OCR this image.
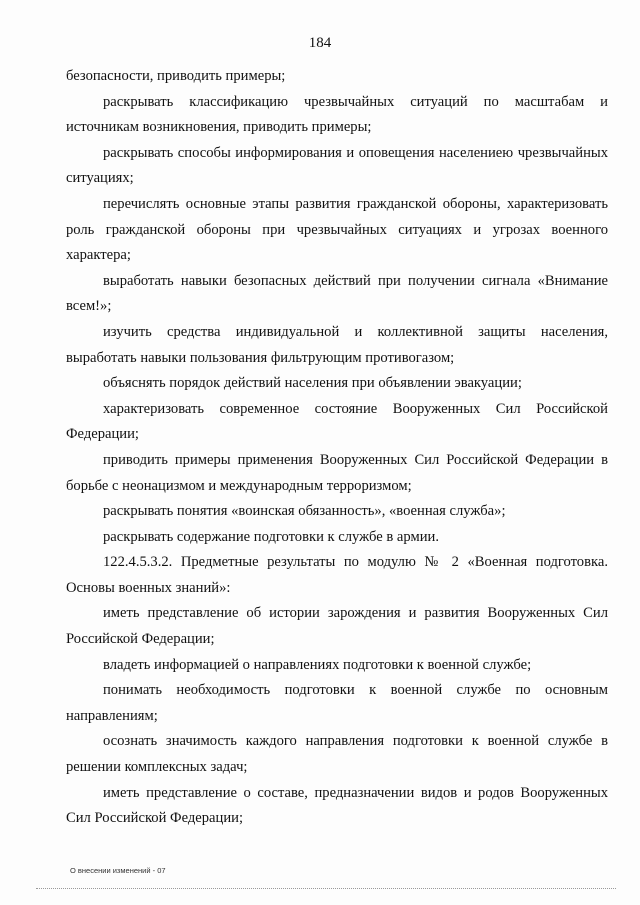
184

безопасности, приводить примеры;

раскрывать классификацию чрезвычайных ситуаций по масштабам и источникам возникновения, приводить примеры;

раскрывать способы информирования и оповещения населениею чрезвычайных ситуациях;

перечислять основные этапы развития гражданской обороны, характеризовать роль гражданской обороны при чрезвычайных ситуациях и угрозах военного характера;

выработать навыки безопасных действий при получении сигнала «Внимание всем!»;

изучить средства индивидуальной и коллективной защиты населения, выработать навыки пользования фильтрующим противогазом;

объяснять порядок действий населения при объявлении эвакуации;

характеризовать современное состояние Вооруженных Сил Российской Федерации;

приводить примеры применения Вооруженных Сил Российской Федерации в борьбе с неонацизмом и международным терроризмом;

раскрывать понятия «воинская обязанность», «военная служба»;

раскрывать содержание подготовки к службе в армии.

122.4.5.3.2. Предметные результаты по модулю № 2 «Военная подготовка. Основы военных знаний»:

иметь представление об истории зарождения и развития Вооруженных Сил Российской Федерации;

владеть информацией о направлениях подготовки к военной службе;

понимать необходимость подготовки к военной службе по основным направлениям;

осознать значимость каждого направления подготовки к военной службе в решении комплексных задач;

иметь представление о составе, предназначении видов и родов Вооруженных Сил Российской Федерации;

О внесении изменений - 07
